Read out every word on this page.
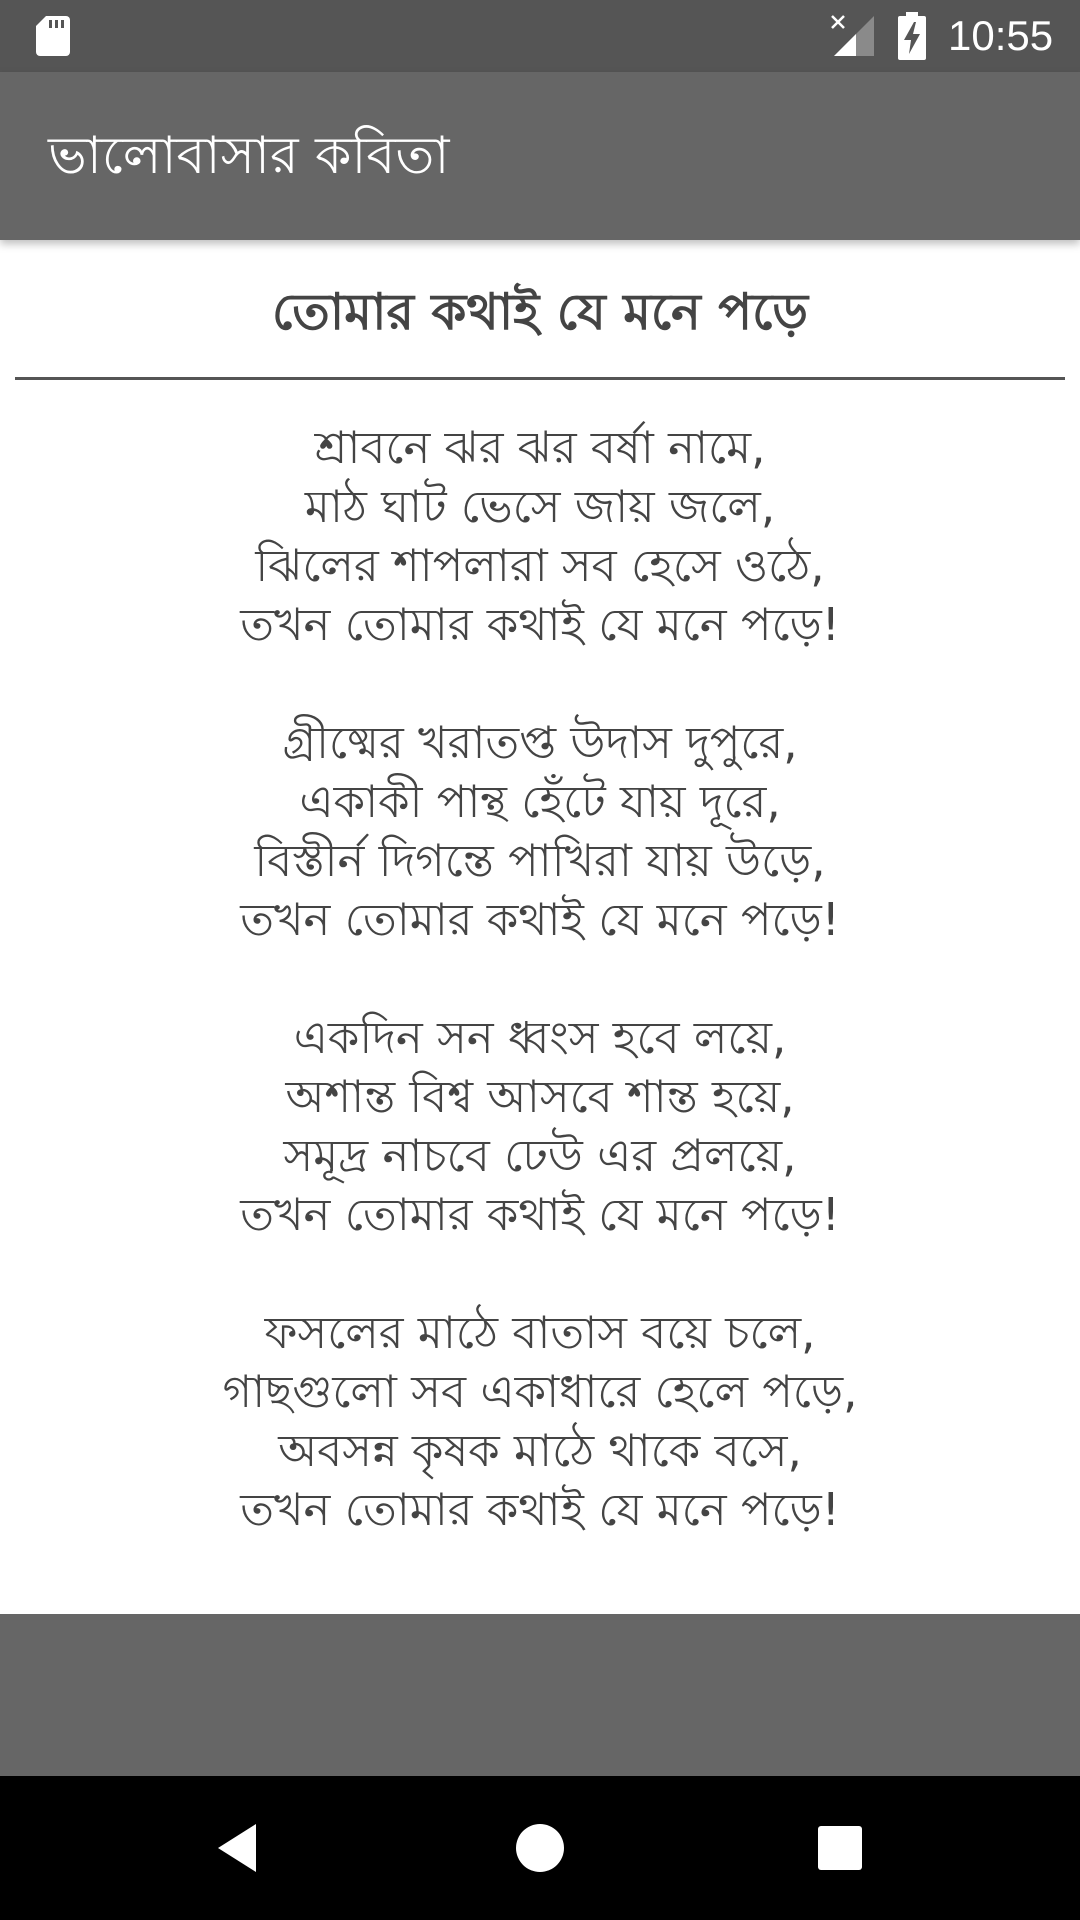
10:55
ভালোবাসার কবিতা
তোমার কথাই যে মনে পড়ে
শ্রাবনে ঝর ঝর বর্ষা নামে,
মাঠ ঘাট ভেসে জায় জলে,
ঝিলের শাপলারা সব হেসে ওঠে,
তখন তোমার কথাই যে মনে পড়ে!
গ্রীষ্মের খরাতপ্ত উদাস দুপুরে,
একাকী পান্থ হেঁটে যায় দূরে,
বিস্তীর্ন দিগন্তে পাখিরা যায় উড়ে,
তখন তোমার কথাই যে মনে পড়ে!
একদিন সন ধ্বংস হবে লয়ে,
অশান্ত বিশ্ব আসবে শান্ত হয়ে,
সমূদ্র নাচবে ঢেউ এর প্রলয়ে,
তখন তোমার কথাই যে মনে পড়ে!
ফসলের মাঠে বাতাস বয়ে চলে,
গাছগুলো সব একাধারে হেলে পড়ে,
অবসন্ন কৃষক মাঠে থাকে বসে,
তখন তোমার কথাই যে মনে পড়ে!
